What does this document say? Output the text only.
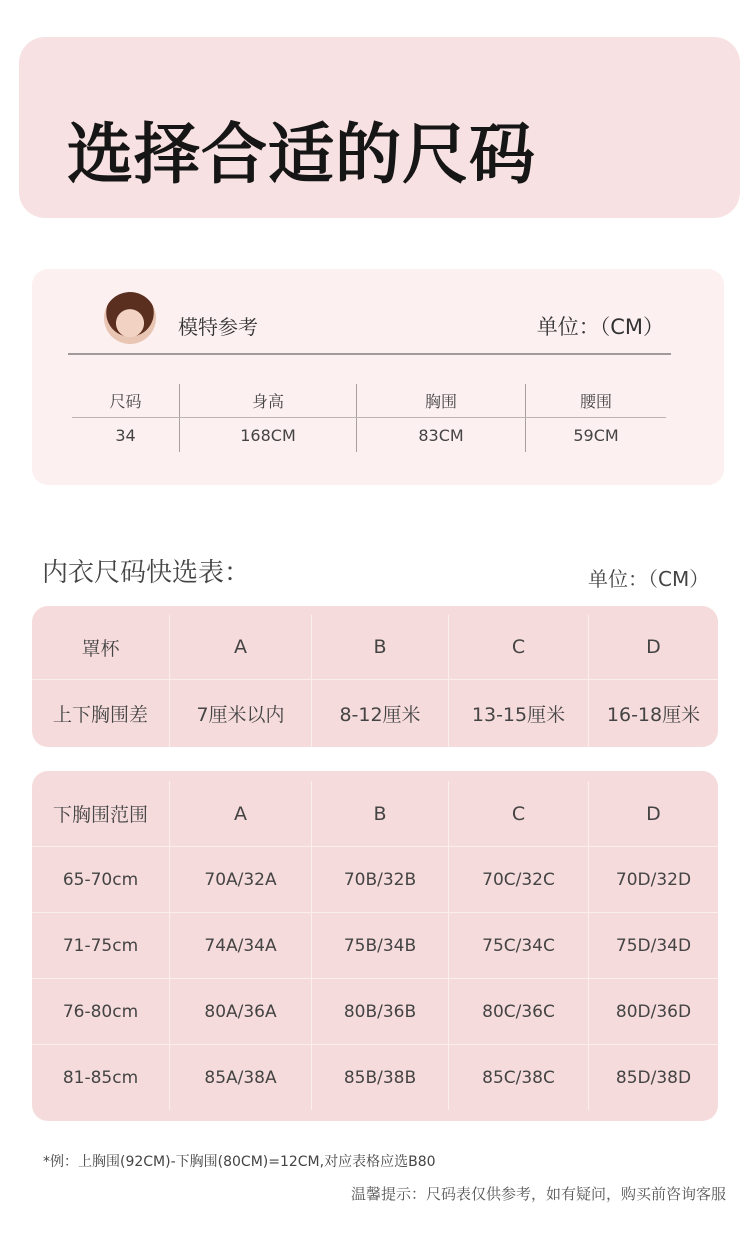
选择合适的尺码
模特参考	单位：（CM）
尺码	身高	胸围	腰围
34	168CM	83CM	59CM
内衣尺码快选表：	单位：（CM）
罩杯	A	B	C	D
上下胸围差	7厘米以内	8-12厘米	13-15厘米	16-18厘米
下胸围范围	A	B	C	D
65-70cm	70A/32A	70B/32B	70C/32C	70D/32D
71-75cm	74A/34A	75B/34B	75C/34C	75D/34D
76-80cm	80A/36A	80B/36B	80C/36C	80D/36D
81-85cm	85A/38A	85B/38B	85C/38C	85D/38D
*例：上胸围(92CM)-下胸围(80CM)=12CM,对应表格应选B80
温馨提示：尺码表仅供参考，如有疑问，购买前咨询客服
